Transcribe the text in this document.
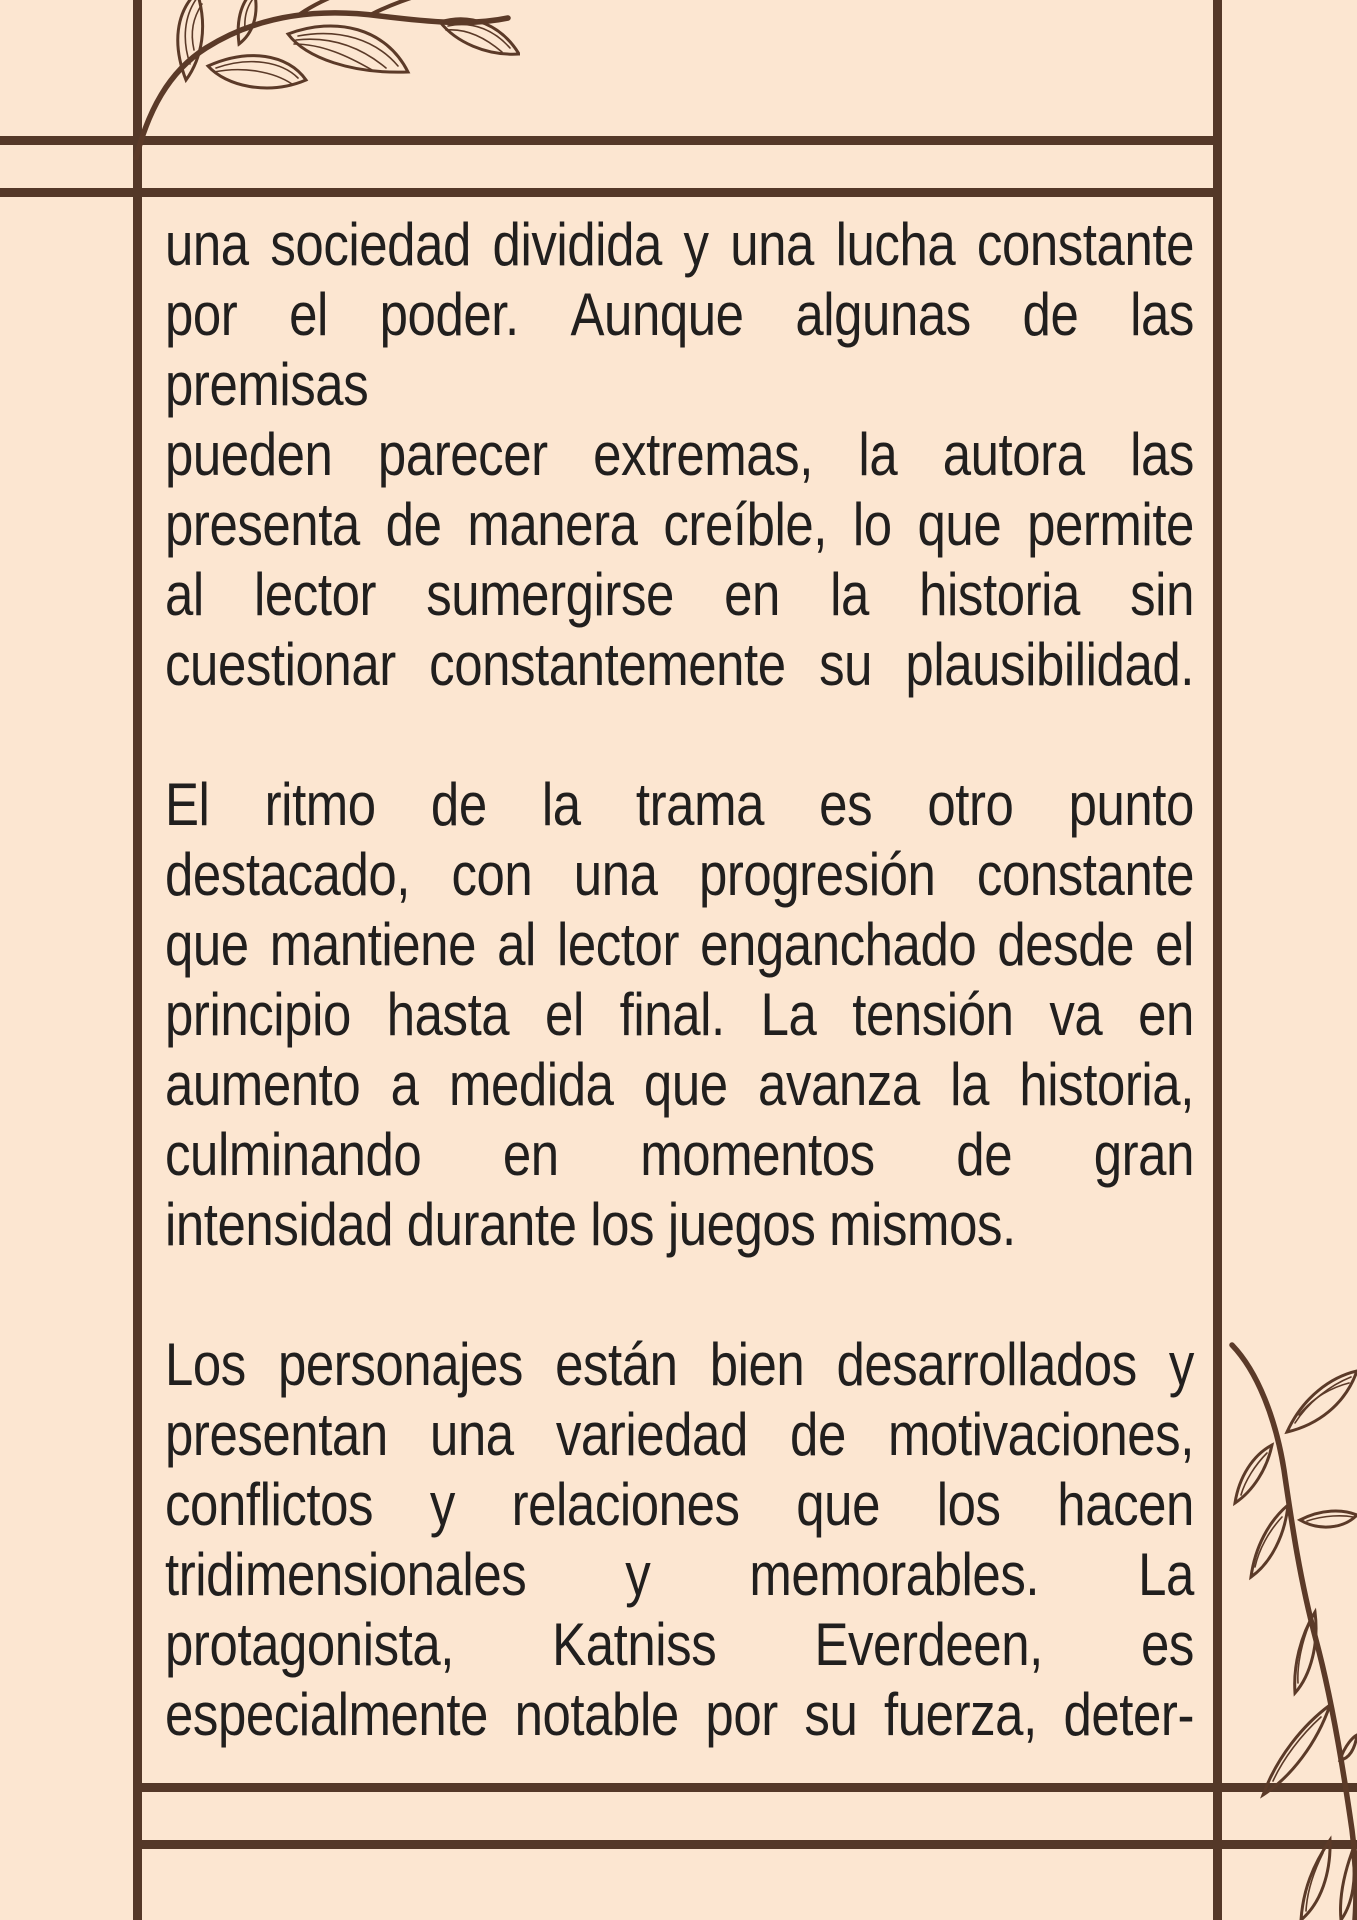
una sociedad dividida y una lucha constante
por el poder. Aunque algunas de las
premisas
pueden parecer extremas, la autora las
presenta de manera creíble, lo que permite
al lector sumergirse en la historia sin
cuestionar constantemente su plausibilidad.
El ritmo de la trama es otro punto
destacado, con una progresión constante
que mantiene al lector enganchado desde el
principio hasta el final. La tensión va en
aumento a medida que avanza la historia,
culminando en momentos de gran
intensidad durante los juegos mismos.
Los personajes están bien desarrollados y
presentan una variedad de motivaciones,
conflictos y relaciones que los hacen
tridimensionales y memorables. La
protagonista, Katniss Everdeen, es
especialmente notable por su fuerza, deter-
